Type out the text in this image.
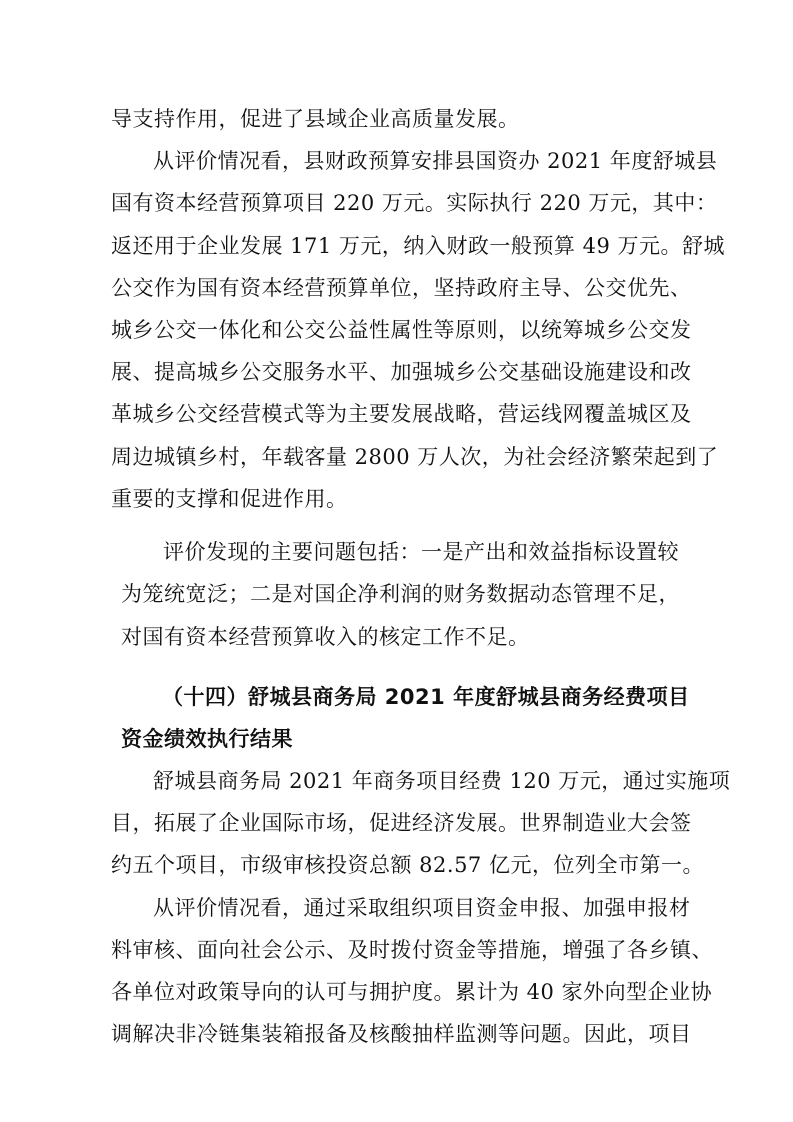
导支持作用，促进了县域企业高质量发展。
从评价情况看，县财政预算安排县国资办 2021 年度舒城县
国有资本经营预算项目 220 万元。实际执行 220 万元，其中：
返还用于企业发展 171 万元，纳入财政一般预算 49 万元。舒城
公交作为国有资本经营预算单位，坚持政府主导、公交优先、
城乡公交一体化和公交公益性属性等原则，以统筹城乡公交发
展、提高城乡公交服务水平、加强城乡公交基础设施建设和改
革城乡公交经营模式等为主要发展战略，营运线网覆盖城区及
周边城镇乡村，年载客量 2800 万人次，为社会经济繁荣起到了
重要的支撑和促进作用。
评价发现的主要问题包括：一是产出和效益指标设置较
为笼统宽泛；二是对国企净利润的财务数据动态管理不足，
对国有资本经营预算收入的核定工作不足。
（十四）舒城县商务局 2021 年度舒城县商务经费项目
资金绩效执行结果
舒城县商务局 2021 年商务项目经费 120 万元，通过实施项
目，拓展了企业国际市场，促进经济发展。世界制造业大会签
约五个项目，市级审核投资总额 82.57 亿元，位列全市第一。
从评价情况看，通过采取组织项目资金申报、加强申报材
料审核、面向社会公示、及时拨付资金等措施，增强了各乡镇、
各单位对政策导向的认可与拥护度。累计为 40 家外向型企业协
调解决非冷链集装箱报备及核酸抽样监测等问题。因此，项目
